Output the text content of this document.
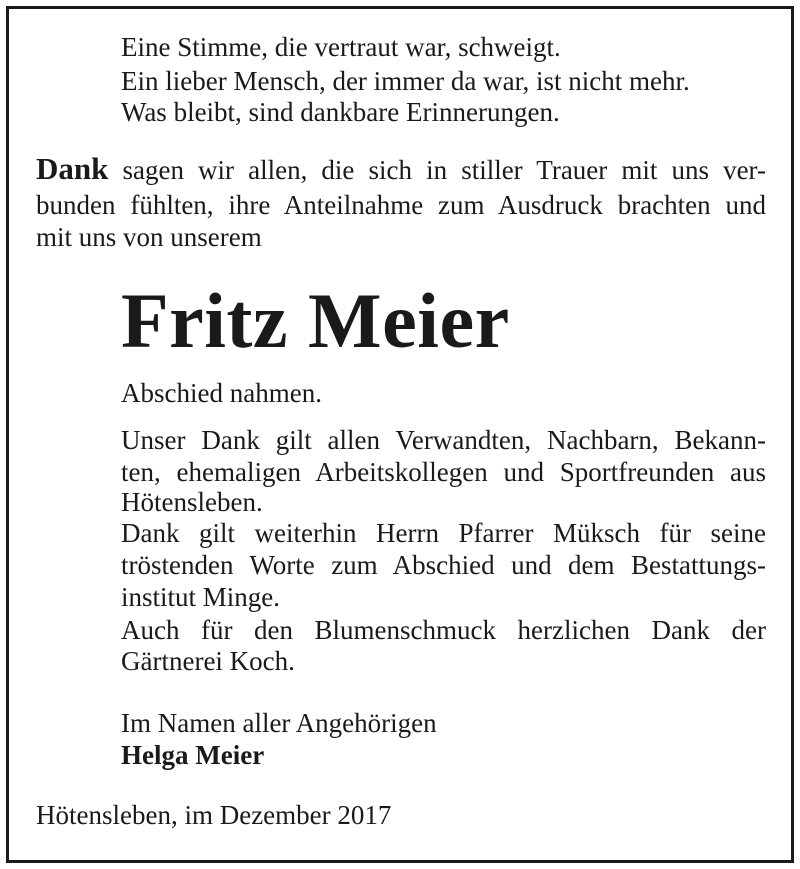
Eine Stimme, die vertraut war, schweigt.
Ein lieber Mensch, der immer da war, ist nicht mehr.
Was bleibt, sind dankbare Erinnerungen.
Dank sagen wir allen, die sich in stiller Trauer mit uns ver-
bunden fühlten, ihre Anteilnahme zum Ausdruck brachten und
mit uns von unserem
Fritz Meier
Abschied nahmen.
Unser Dank gilt allen Verwandten, Nachbarn, Bekann-
ten, ehemaligen Arbeitskollegen und Sportfreunden aus
Hötensleben.
Dank gilt weiterhin Herrn Pfarrer Müksch für seine
tröstenden Worte zum Abschied und dem Bestattungs-
institut Minge.
Auch für den Blumenschmuck herzlichen Dank der
Gärtnerei Koch.
Im Namen aller Angehörigen
Helga Meier
Hötensleben, im Dezember 2017
